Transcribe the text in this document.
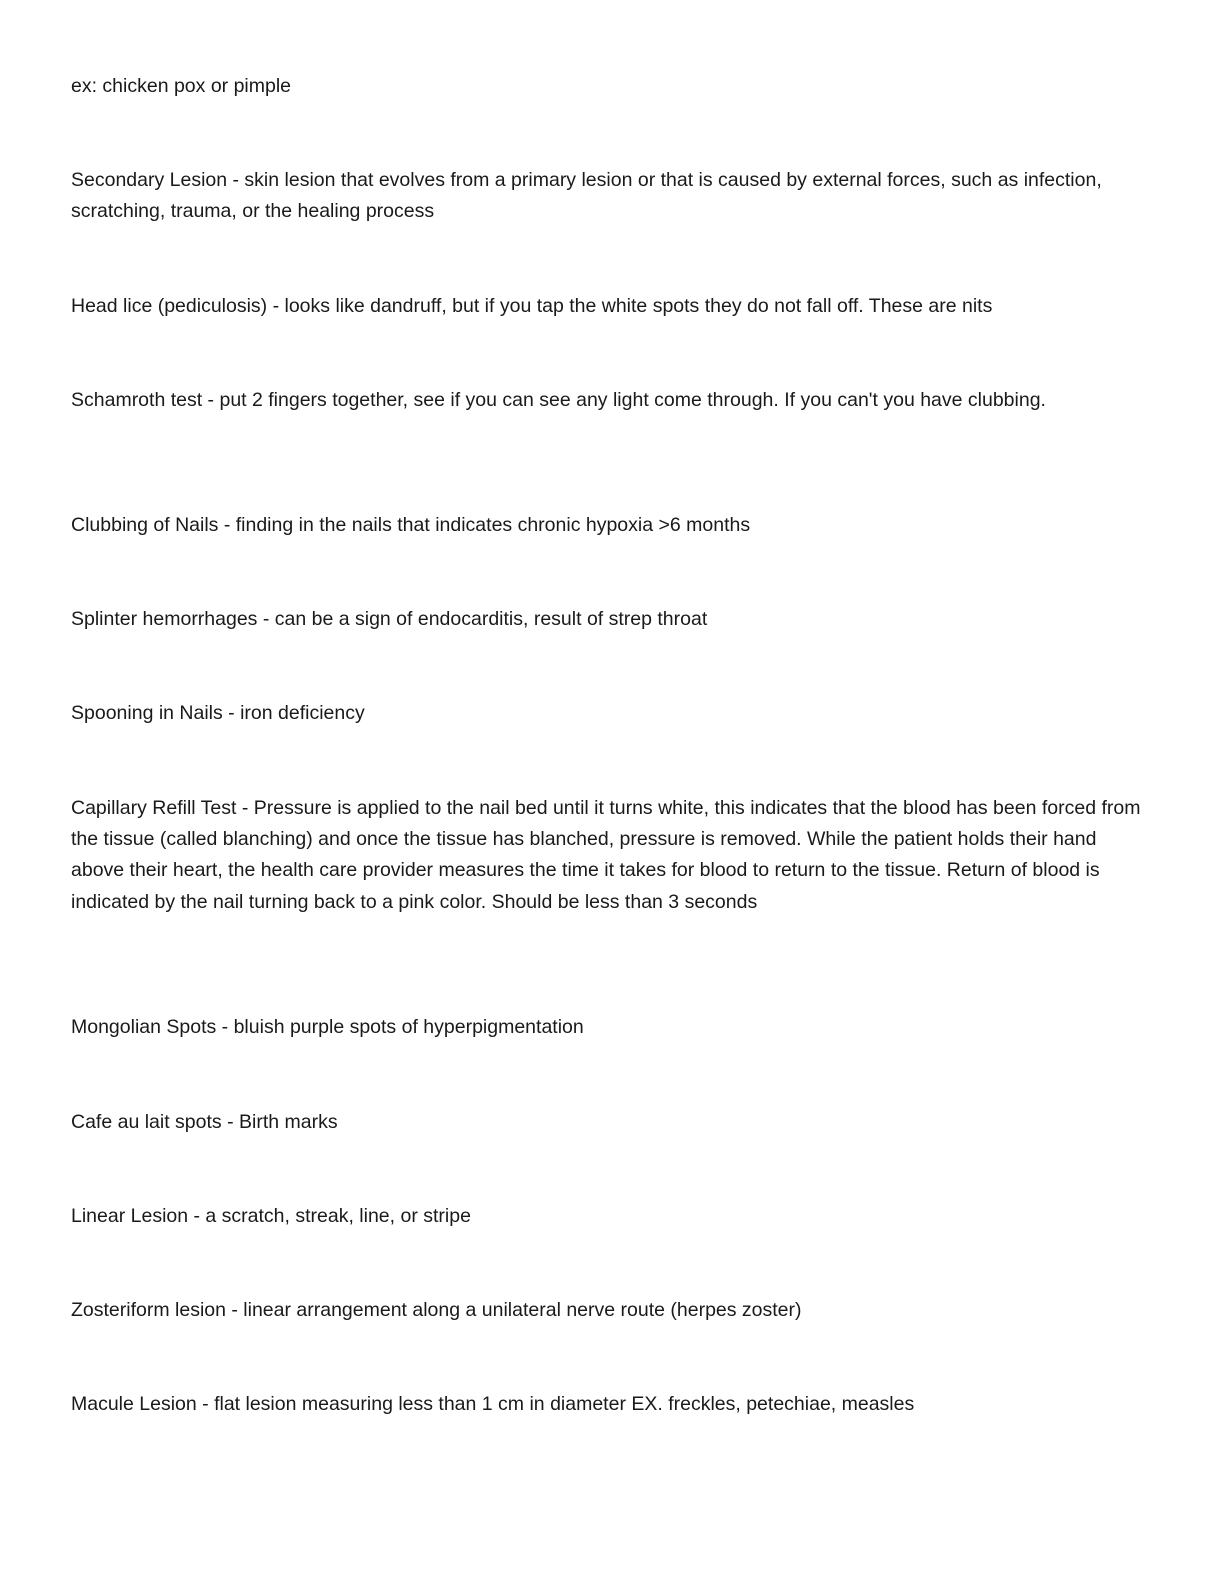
ex: chicken pox or pimple

Secondary Lesion - skin lesion that evolves from a primary lesion or that is caused by external forces, such as infection, scratching, trauma, or the healing process

Head lice (pediculosis) - looks like dandruff, but if you tap the white spots they do not fall off. These are nits

Schamroth test - put 2 fingers together, see if you can see any light come through. If you can't you have clubbing.

Clubbing of Nails - finding in the nails that indicates chronic hypoxia >6 months

Splinter hemorrhages - can be a sign of endocarditis, result of strep throat

Spooning in Nails - iron deficiency

Capillary Refill Test - Pressure is applied to the nail bed until it turns white, this indicates that the blood has been forced from the tissue (called blanching) and once the tissue has blanched, pressure is removed. While the patient holds their hand above their heart, the health care provider measures the time it takes for blood to return to the tissue. Return of blood is indicated by the nail turning back to a pink color. Should be less than 3 seconds

Mongolian Spots - bluish purple spots of hyperpigmentation

Cafe au lait spots - Birth marks

Linear Lesion - a scratch, streak, line, or stripe

Zosteriform lesion - linear arrangement along a unilateral nerve route (herpes zoster)

Macule Lesion - flat lesion measuring less than 1 cm in diameter EX. freckles, petechiae, measles
